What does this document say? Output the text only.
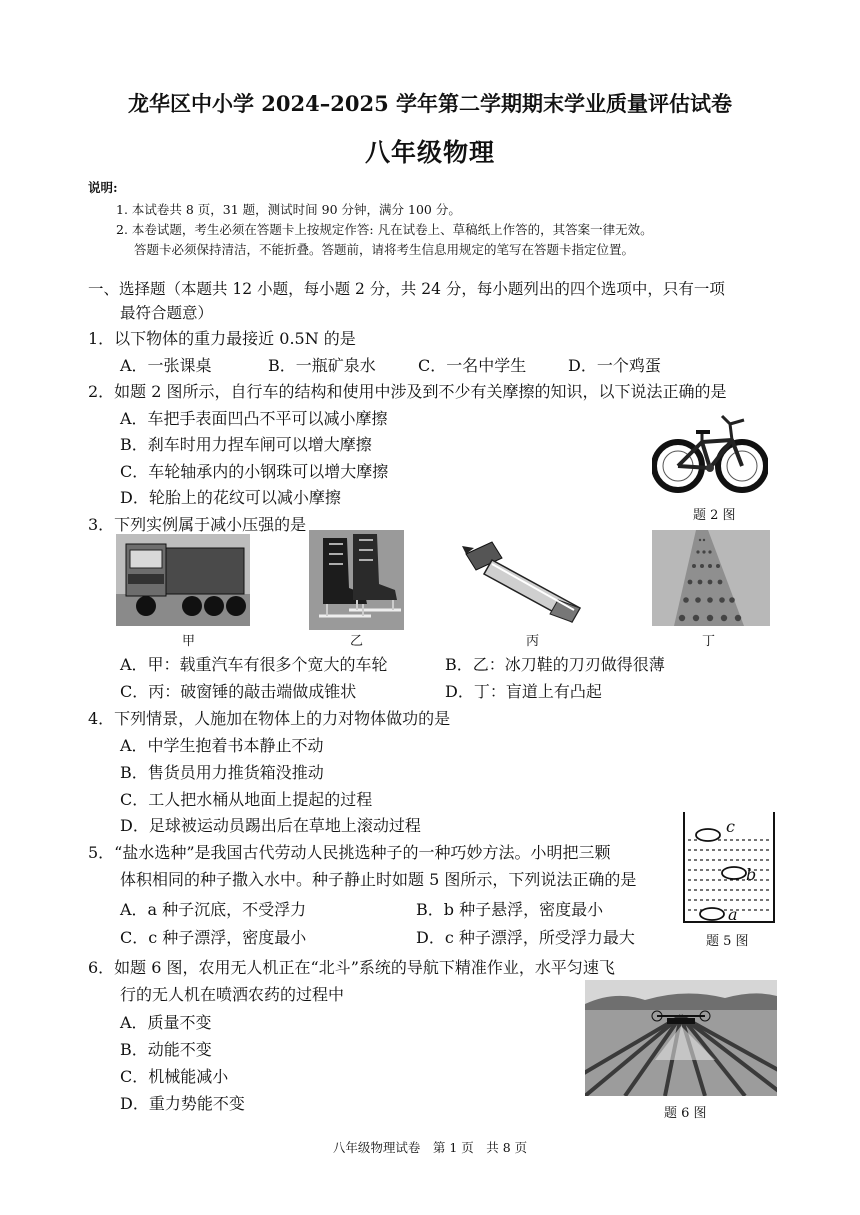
龙华区中小学 2024–2025 学年第二学期期末学业质量评估试卷
八年级物理
说明:
1. 本试卷共 8 页，31 题，测试时间 90 分钟，满分 100 分。
2. 本卷试题，考生必须在答题卡上按规定作答: 凡在试卷上、草稿纸上作答的，其答案一律无效。
答题卡必须保持清洁，不能折叠。答题前，请将考生信息用规定的笔写在答题卡指定位置。
一、选择题（本题共 12 小题，每小题 2 分，共 24 分，每小题列出的四个选项中，只有一项
最符合题意）
1．以下物体的重力最接近 0.5N 的是
A．一张课桌	B．一瓶矿泉水	C．一名中学生	D．一个鸡蛋
2．如题 2 图所示，自行车的结构和使用中涉及到不少有关摩擦的知识，以下说法正确的是
A．车把手表面凹凸不平可以减小摩擦
B．刹车时用力捏车闸可以增大摩擦
C．车轮轴承内的小钢珠可以增大摩擦
D．轮胎上的花纹可以减小摩擦
题 2 图
3．下列实例属于减小压强的是
甲	乙	丙	丁
A．甲：载重汽车有很多个宽大的车轮	B．乙：冰刀鞋的刀刃做得很薄
C．丙：破窗锤的敲击端做成锥状	D．丁：盲道上有凸起
4．下列情景，人施加在物体上的力对物体做功的是
A．中学生抱着书本静止不动
B．售货员用力推货箱没推动
C．工人把水桶从地面上提起的过程
D．足球被运动员踢出后在草地上滚动过程
5．“盐水选种”是我国古代劳动人民挑选种子的一种巧妙方法。小明把三颗
体积相同的种子撒入水中。种子静止时如题 5 图所示，下列说法正确的是
A．a 种子沉底，不受浮力	B．b 种子悬浮，密度最小
C．c 种子漂浮，密度最小	D．c 种子漂浮，所受浮力最大
c
b
a
题 5 图
6．如题 6 图，农用无人机正在“北斗”系统的导航下精准作业，水平匀速飞
行的无人机在喷洒农药的过程中
A．质量不变
B．动能不变
C．机械能减小
D．重力势能不变
题 6 图
八年级物理试卷　第 1 页　共 8 页
